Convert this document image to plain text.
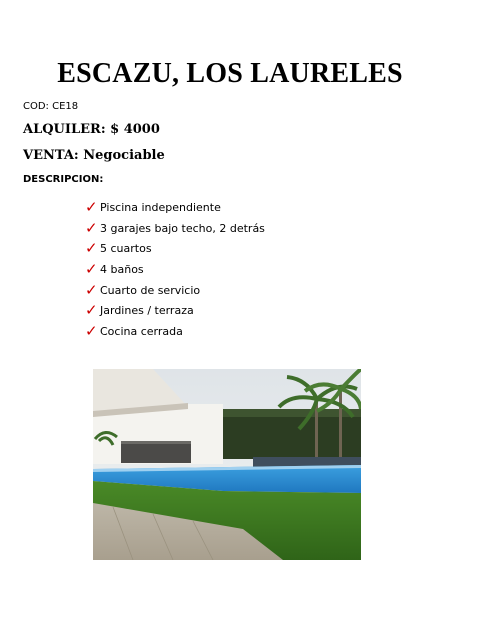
ESCAZU, LOS LAURELES
COD: CE18
ALQUILER: $ 4000
VENTA: Negociable
DESCRIPCION:
✓ Piscina independiente
✓ 3 garajes bajo techo, 2 detrás
✓ 5 cuartos
✓ 4 baños
✓ Cuarto de servicio
✓ Jardines / terraza
✓ Cocina cerrada
